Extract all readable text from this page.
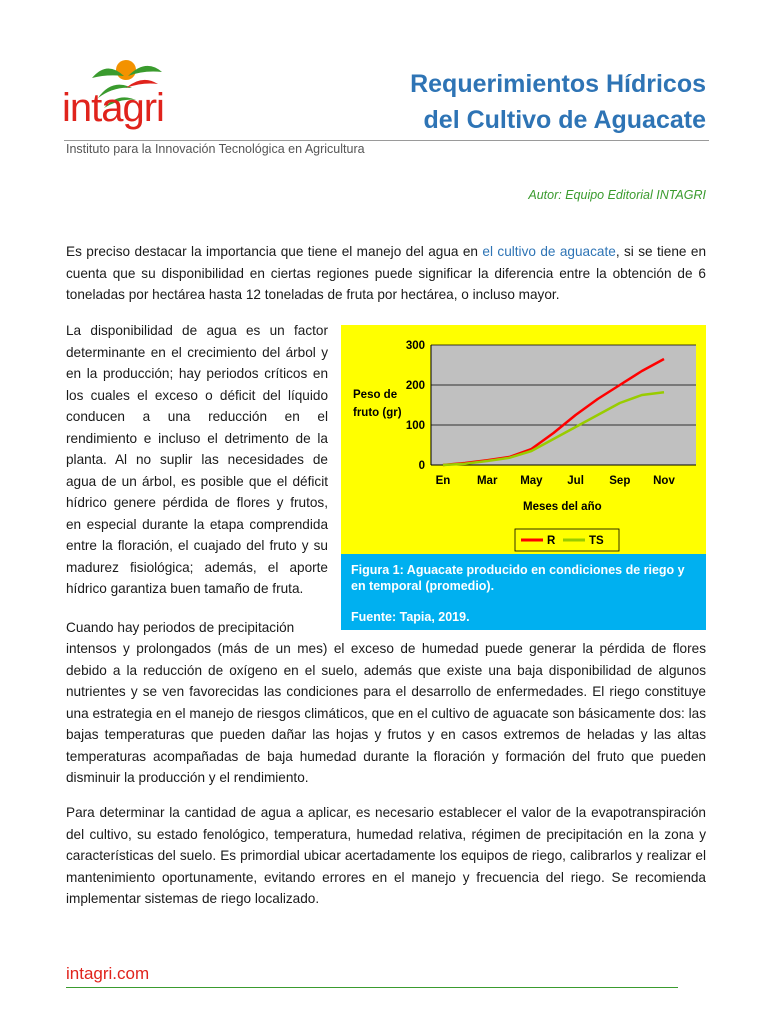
intagri
Instituto para la Innovación Tecnológica en Agricultura
Requerimientos Hídricos
del Cultivo de Aguacate
Autor: Equipo Editorial INTAGRI

Es preciso destacar la importancia que tiene el manejo del agua en el cultivo de aguacate, si se tiene en cuenta que su disponibilidad en ciertas regiones puede significar la diferencia entre la obtención de 6 toneladas por hectárea hasta 12 toneladas de fruta por hectárea, o incluso mayor.

La disponibilidad de agua es un factor determinante en el crecimiento del árbol y en la producción; hay periodos críticos en los cuales el exceso o déficit del líquido conducen a una reducción en el rendimiento e incluso el detrimento de la planta. Al no suplir las necesidades de agua de un árbol, es posible que el déficit hídrico genere pérdida de flores y frutos, en especial durante la etapa comprendida entre la floración, el cuajado del fruto y su madurez fisiológica; además, el aporte hídrico garantiza buen tamaño de fruta.

0
100
200
300
En Mar May Jul Sep Nov
Peso de
fruto (gr)
Meses del año
R	TS
Figura 1: Aguacate producido en condiciones de riego y en temporal (promedio).
Fuente: Tapia, 2019.

Cuando hay periodos de precipitación

intensos y prolongados (más de un mes) el exceso de humedad puede generar la pérdida de flores debido a la reducción de oxígeno en el suelo, además que existe una baja disponibilidad de algunos nutrientes y se ven favorecidas las condiciones para el desarrollo de enfermedades. El riego constituye una estrategia en el manejo de riesgos climáticos, que en el cultivo de aguacate son básicamente dos: las bajas temperaturas que pueden dañar las hojas y frutos y en casos extremos de heladas y las altas temperaturas acompañadas de baja humedad durante la floración y formación del fruto que pueden disminuir la producción y el rendimiento.

Para determinar la cantidad de agua a aplicar, es necesario establecer el valor de la evapotranspiración del cultivo, su estado fenológico, temperatura, humedad relativa, régimen de precipitación en la zona y características del suelo. Es primordial ubicar acertadamente los equipos de riego, calibrarlos y realizar el mantenimiento oportunamente, evitando errores en el manejo y frecuencia del riego. Se recomienda implementar sistemas de riego localizado.

intagri.com
